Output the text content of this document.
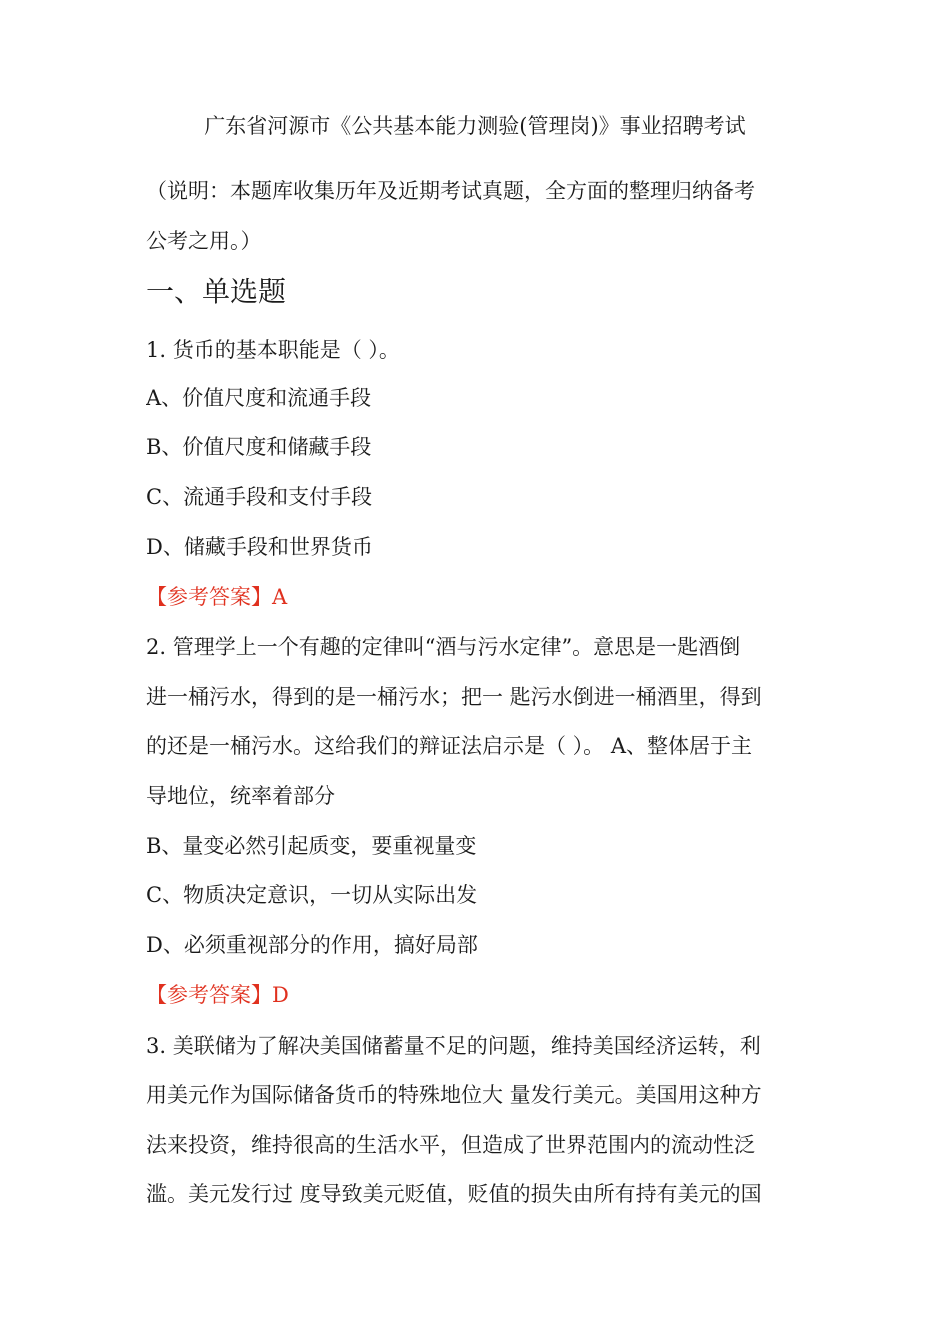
广东省河源市《公共基本能力测验(管理岗)》事业招聘考试
（说明：本题库收集历年及近期考试真题，全方面的整理归纳备考
公考之用。）
一、单选题
1. 货币的基本职能是（ ）。
A、价值尺度和流通手段
B、价值尺度和储藏手段
C、流通手段和支付手段
D、储藏手段和世界货币
【参考答案】A
2. 管理学上一个有趣的定律叫“酒与污水定律”。意思是一匙酒倒
进一桶污水，得到的是一桶污水；把一 匙污水倒进一桶酒里，得到
的还是一桶污水。这给我们的辩证法启示是（ ）。 A、整体居于主
导地位，统率着部分
B、量变必然引起质变，要重视量变
C、物质决定意识，一切从实际出发
D、必须重视部分的作用，搞好局部
【参考答案】D
3. 美联储为了解决美国储蓄量不足的问题，维持美国经济运转，利
用美元作为国际储备货币的特殊地位大 量发行美元。美国用这种方
法来投资，维持很高的生活水平，但造成了世界范围内的流动性泛
滥。美元发行过 度导致美元贬值，贬值的损失由所有持有美元的国
